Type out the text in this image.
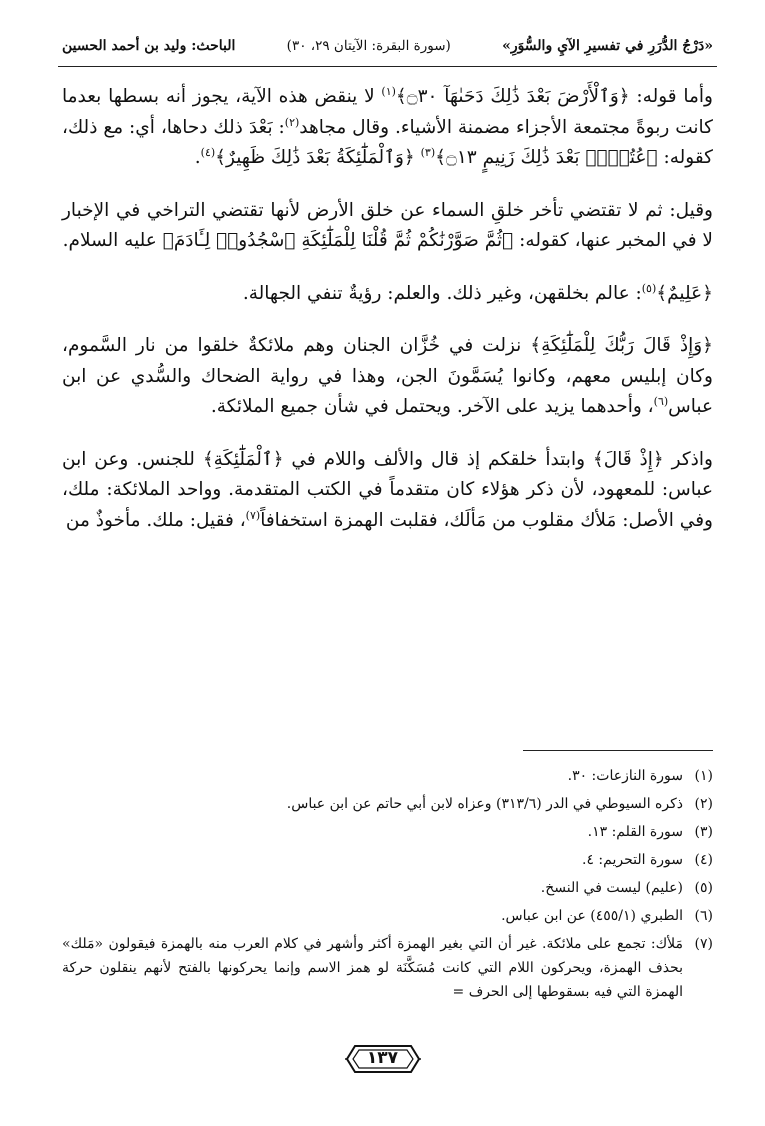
«دَرْجُ الدُّرَرِ في تفسيرِ الآيِ والسُّوَرِ»
(سورة البقرة: الآيتان ٢٩، ٣٠)
الباحث: وليد بن أحمد الحسين

وأما قوله: ﴿وَٱلْأَرْضَ بَعْدَ ذَٰلِكَ دَحَىٰهَآ ۝٣٠﴾$^{(١)}$ لا ينقض هذه الآية، يجوز أنه بسطها بعدما كانت ربوةً مجتمعة الأجزاء مضمنة الأشياء. وقال مجاهد$^{(٢)}$: بَعْدَ ذلك دحاها، أي: مع ذلك، كقوله: ﴿عُتُلٍّۭ بَعْدَ ذَٰلِكَ زَنِيمٍ ۝١٣﴾$^{(٣)}$ ﴿وَٱلْمَلَٰٓئِكَةُ بَعْدَ ذَٰلِكَ ظَهِيرٌ﴾$^{(٤)}$.

وقيل: ثم لا تقتضي تأخر خلقِ السماء عن خلق الأرض لأنها تقتضي التراخي في الإخبار لا في المخبر عنها، كقوله: ﴿ثُمَّ صَوَّرْنَٰكُمْ ثُمَّ قُلْنَا لِلْمَلَٰٓئِكَةِ ٱسْجُدُوا۟ لِـَٔادَمَ﴾ عليه السلام.

﴿عَلِيمٌ﴾$^{(٥)}$: عالم بخلقهن، وغير ذلك. والعلم: رؤيةٌ تنفي الجهالة.

﴿وَإِذْ قَالَ رَبُّكَ لِلْمَلَٰٓئِكَةِ﴾ نزلت في خُزَّان الجنان وهم ملائكةٌ خلقوا من نار السَّموم، وكان إبليس معهم، وكانوا يُسَمَّونَ الجن، وهذا في رواية الضحاك والسُّدي عن ابن عباس$^{(٦)}$، وأحدهما يزيد على الآخر. ويحتمل في شأن جميع الملائكة.

واذكر ﴿إِذْ قَالَ﴾ وابتدأ خلقكم إذ قال والألف واللام في ﴿ٱلْمَلَٰٓئِكَةِ﴾ للجنس. وعن ابن عباس: للمعهود، لأن ذكر هؤلاء كان متقدماً في الكتب المتقدمة. وواحد الملائكة: ملك، وفي الأصل: مَلأك مقلوب من مَألَك، فقلبت الهمزة استخفافاً$^{(٧)}$، فقيل: ملك. مأخوذٌ من

(١)
سورة النازعات: ٣٠.
(٢)
ذكره السيوطي في الدر (٣١٣/٦) وعزاه لابن أبي حاتم عن ابن عباس.
(٣)
سورة القلم: ١٣.
(٤)
سورة التحريم: ٤.
(٥)
(عليم) ليست في النسخ.
(٦)
الطبري (٤٥٥/١) عن ابن عباس.
(٧)
مَلأك: تجمع على ملائكة. غير أن التي بغير الهمزة أكثر وأشهر في كلام العرب منه بالهمزة فيقولون «مَلك» بحذف الهمزة، ويحركون اللام التي كانت مُسَكَّنَة لو همز الاسم وإنما يحركونها بالفتح لأنهم ينقلون حركة الهمزة التي فيه بسقوطها إلى الحرف =
١٣٧
